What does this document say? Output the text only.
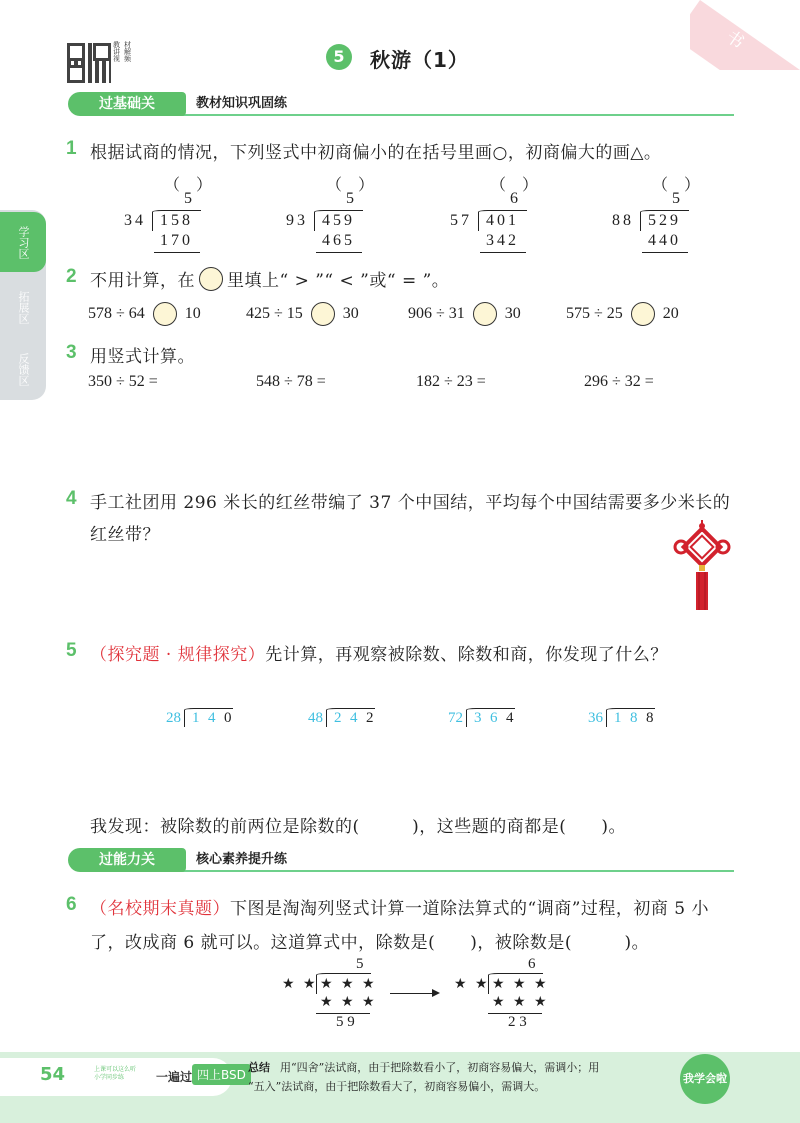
教师用书
教 材
讲 解
视 频	5	秋游（1）
过基础关	教材知识巩固练
学习区
拓展区
反馈区
1 根据试商的情况，下列竖式中初商偏小的在括号里画○，初商偏大的画△。
（　）
5
34 158
170
（　）
5
93 459
465
（　）
6
57 401
342
（　）
5
88 529
440
2 不用计算，在 里填上“ > ”“ < ”或“ = ”。
578 ÷ 64	10	425 ÷ 15	30	906 ÷ 31	30	575 ÷ 25	20
3 用竖式计算。
350 ÷ 52 =	548 ÷ 78 =	182 ÷ 23 =	296 ÷ 32 =
4 手工社团用 296 米长的红丝带编了 37 个中国结，平均每个中国结需要多少米长的
红丝带？
5 （探究题 · 规律探究）先计算，再观察被除数、除数和商，你发现了什么？
28 1 4 0	48 2 4 2	72 3 6 4	36 1 8 8
我发现：被除数的前两位是除数的(　　　)，这些题的商都是(　　)。
过能力关	核心素养提升练
6 （名校期末真题）下图是淘淘列竖式计算一道除法算式的“调商”过程，初商 5 小
了，改成商 6 就可以。这道算式中，除数是(　　)，被除数是(　　　)。
5
★ ★ ★ ★ ★
★ ★ ★
5 9
6
★ ★ ★ ★ ★
★ ★ ★
2 3
54	上课可以这么听
小学同步练	一遍过 四上BSD
总结 用“四舍”法试商，由于把除数看小了，初商容易偏大，需调小；用
“五入”法试商，由于把除数看大了，初商容易偏小，需调大。
我学会啦
